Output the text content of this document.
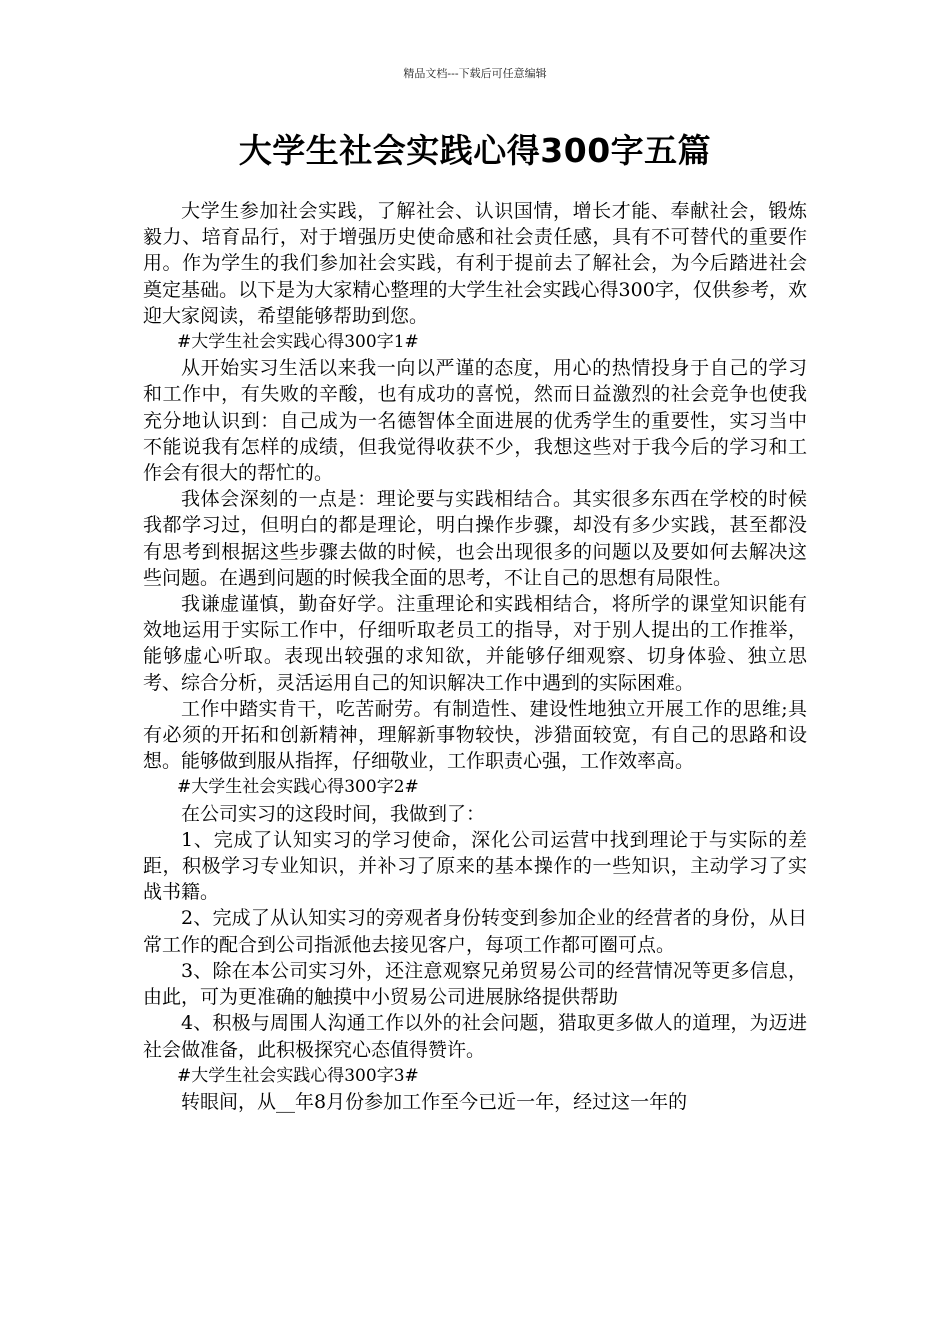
精品文档---下载后可任意编辑
大学生社会实践心得300字五篇

大学生参加社会实践，了解社会、认识国情，增长才能、奉献社会，锻炼毅力、培育品行，对于增强历史使命感和社会责任感，具有不可替代的重要作用。作为学生的我们参加社会实践，有利于提前去了解社会，为今后踏进社会奠定基础。以下是为大家精心整理的大学生社会实践心得300字，仅供参考，欢迎大家阅读，希望能够帮助到您。

#大学生社会实践心得300字1#

从开始实习生活以来我一向以严谨的态度，用心的热情投身于自己的学习和工作中，有失败的辛酸，也有成功的喜悦，然而日益激烈的社会竞争也使我充分地认识到：自己成为一名德智体全面进展的优秀学生的重要性，实习当中不能说我有怎样的成绩，但我觉得收获不少，我想这些对于我今后的学习和工作会有很大的帮忙的。

我体会深刻的一点是：理论要与实践相结合。其实很多东西在学校的时候我都学习过，但明白的都是理论，明白操作步骤，却没有多少实践，甚至都没有思考到根据这些步骤去做的时候，也会出现很多的问题以及要如何去解决这些问题。在遇到问题的时候我全面的思考，不让自己的思想有局限性。

我谦虚谨慎，勤奋好学。注重理论和实践相结合，将所学的课堂知识能有效地运用于实际工作中，仔细听取老员工的指导，对于别人提出的工作推举，能够虚心听取。表现出较强的求知欲，并能够仔细观察、切身体验、独立思考、综合分析，灵活运用自己的知识解决工作中遇到的实际困难。

工作中踏实肯干，吃苦耐劳。有制造性、建设性地独立开展工作的思维;具有必须的开拓和创新精神，理解新事物较快，涉猎面较宽，有自己的思路和设想。能够做到服从指挥，仔细敬业，工作职责心强，工作效率高。

#大学生社会实践心得300字2#

在公司实习的这段时间，我做到了：

1、完成了认知实习的学习使命，深化公司运营中找到理论于与实际的差距，积极学习专业知识，并补习了原来的基本操作的一些知识，主动学习了实战书籍。

2、完成了从认知实习的旁观者身份转变到参加企业的经营者的身份，从日常工作的配合到公司指派他去接见客户，每项工作都可圈可点。

3、除在本公司实习外，还注意观察兄弟贸易公司的经营情况等更多信息，由此，可为更准确的触摸中小贸易公司进展脉络提供帮助

4、积极与周围人沟通工作以外的社会问题，猎取更多做人的道理，为迈进社会做准备，此积极探究心态值得赞许。

#大学生社会实践心得300字3#

转眼间，从__年8月份参加工作至今已近一年，经过这一年的
